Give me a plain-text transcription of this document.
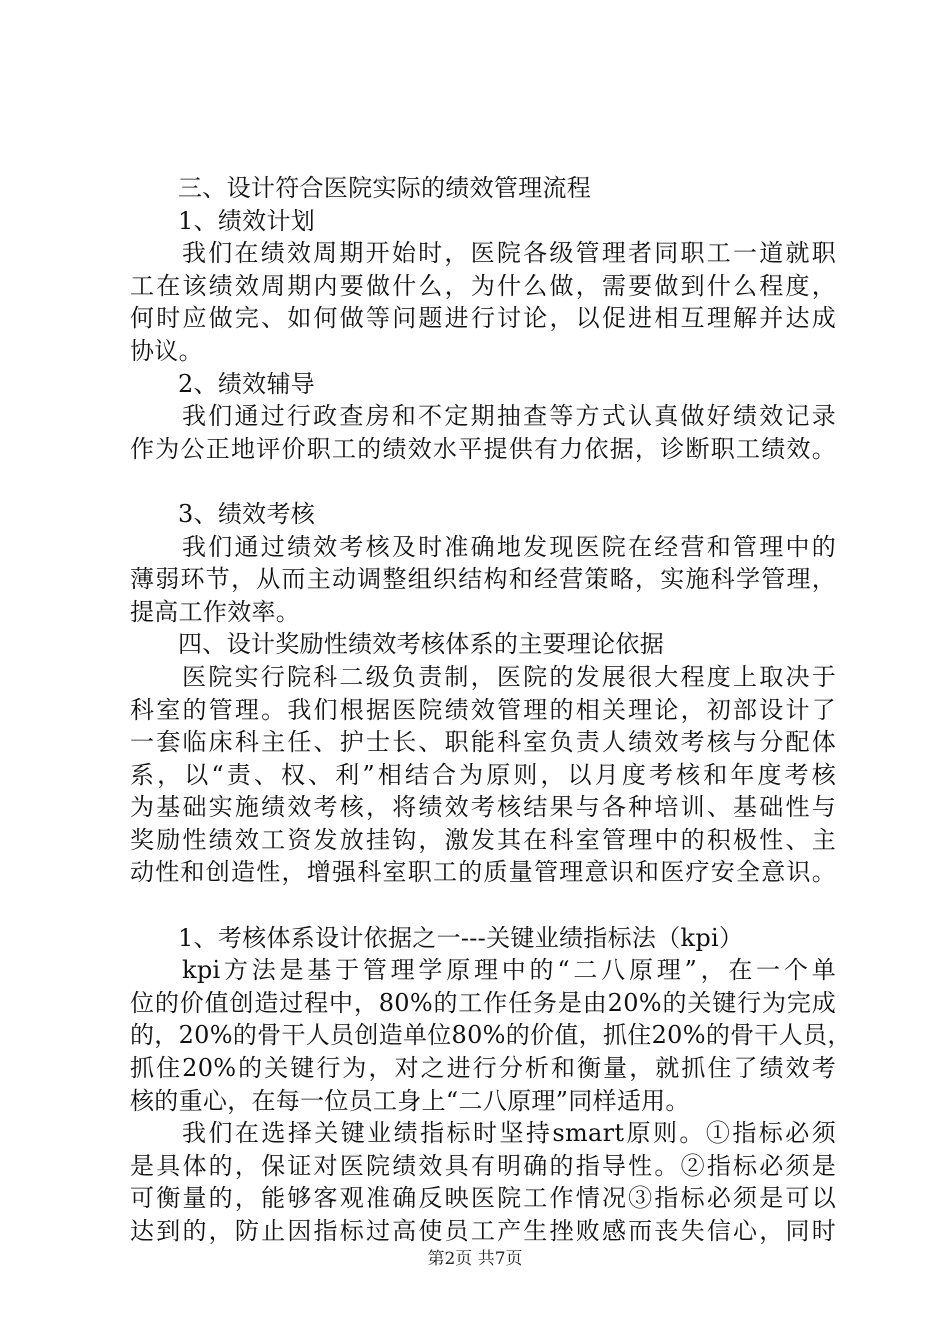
三、设计符合医院实际的绩效管理流程
1、绩效计划
我们在绩效周期开始时，医院各级管理者同职工一道就职
工在该绩效周期内要做什么，为什么做，需要做到什么程度，
何时应做完、如何做等问题进行讨论，以促进相互理解并达成
协议。
2、绩效辅导
我们通过行政查房和不定期抽查等方式认真做好绩效记录
作为公正地评价职工的绩效水平提供有力依据，诊断职工绩效。
3、绩效考核
我们通过绩效考核及时准确地发现医院在经营和管理中的
薄弱环节，从而主动调整组织结构和经营策略，实施科学管理，
提高工作效率。
四、设计奖励性绩效考核体系的主要理论依据
医院实行院科二级负责制，医院的发展很大程度上取决于
科室的管理。我们根据医院绩效管理的相关理论，初部设计了
一套临床科主任、护士长、职能科室负责人绩效考核与分配体
系，以“责、权、利”相结合为原则，以月度考核和年度考核
为基础实施绩效考核，将绩效考核结果与各种培训、基础性与
奖励性绩效工资发放挂钩，激发其在科室管理中的积极性、主
动性和创造性，增强科室职工的质量管理意识和医疗安全意识。
1、考核体系设计依据之一---关键业绩指标法（kpi）
kpi方法是基于管理学原理中的“二八原理”，在一个单
位的价值创造过程中，80%的工作任务是由20%的关键行为完成
的，20%的骨干人员创造单位80%的价值，抓住20%的骨干人员，
抓住20%的关键行为，对之进行分析和衡量，就抓住了绩效考
核的重心，在每一位员工身上“二八原理”同样适用。
我们在选择关键业绩指标时坚持smart原则。①指标必须
是具体的，保证对医院绩效具有明确的指导性。②指标必须是
可衡量的，能够客观准确反映医院工作情况③指标必须是可以
达到的，防止因指标过高使员工产生挫败感而丧失信心，同时
第2页 共7页
